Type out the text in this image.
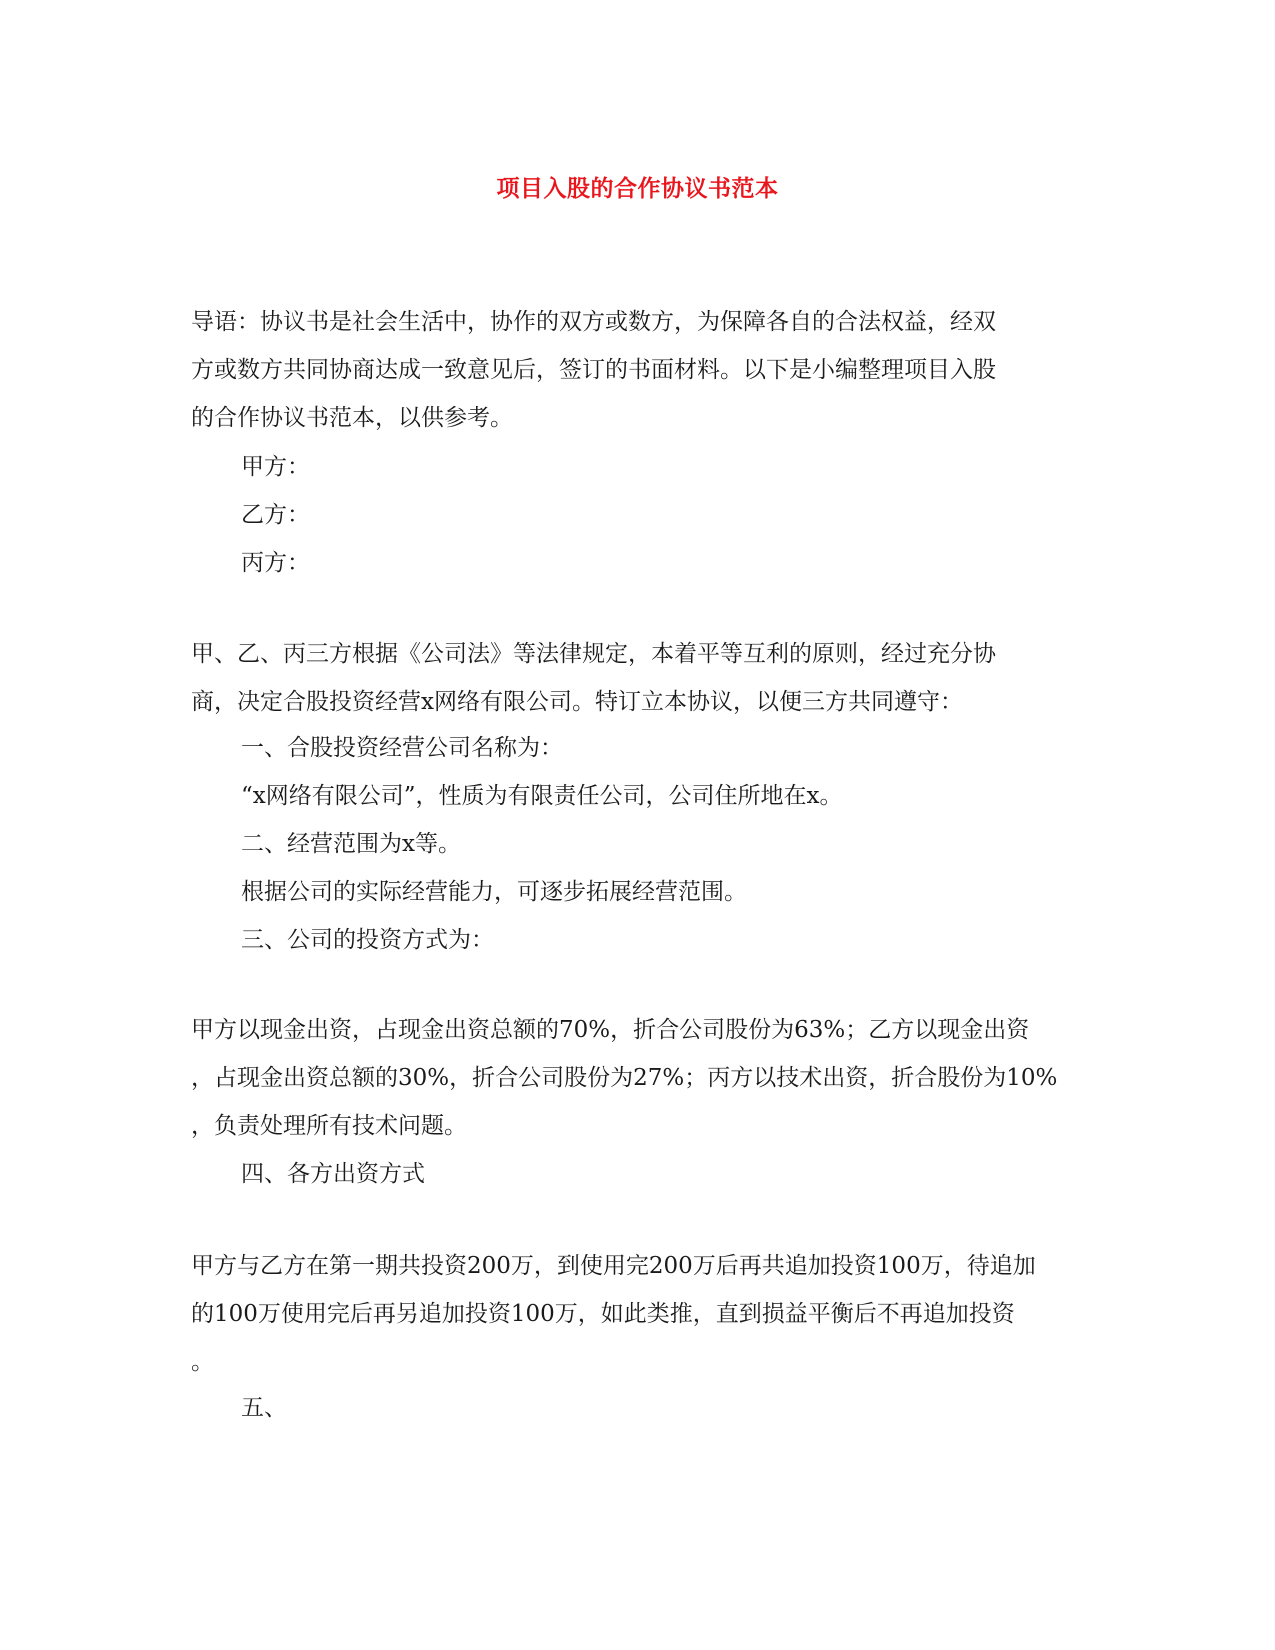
项目入股的合作协议书范本

导语：协议书是社会生活中，协作的双方或数方，为保障各自的合法权益，经双
方或数方共同协商达成一致意见后，签订的书面材料。以下是小编整理项目入股
的合作协议书范本，以供参考。

甲方：

乙方：

丙方：

甲、乙、丙三方根据《公司法》等法律规定，本着平等互利的原则，经过充分协
商，决定合股投资经营x网络有限公司。特订立本协议，以便三方共同遵守：

一、合股投资经营公司名称为：

“x网络有限公司”，性质为有限责任公司，公司住所地在x。

二、经营范围为x等。

根据公司的实际经营能力，可逐步拓展经营范围。

三、公司的投资方式为：

甲方以现金出资，占现金出资总额的70%，折合公司股份为63%；乙方以现金出资
，占现金出资总额的30%，折合公司股份为27%；丙方以技术出资，折合股份为10%
，负责处理所有技术问题。

四、各方出资方式

甲方与乙方在第一期共投资200万，到使用完200万后再共追加投资100万，待追加
的100万使用完后再另追加投资100万，如此类推，直到损益平衡后不再追加投资
。

五、
